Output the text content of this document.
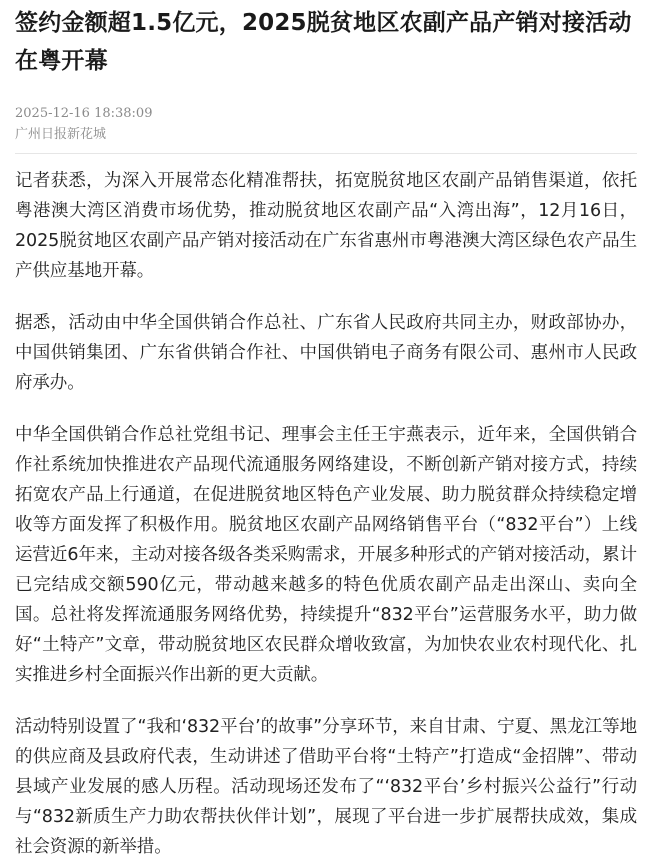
签约金额超1.5亿元，2025脱贫地区农副产品产销对接活动在粤开幕
2025-12-16 18:38:09
广州日报新花城

记者获悉，为深入开展常态化精准帮扶，拓宽脱贫地区农副产品销售渠道，依托粤港澳大湾区消费市场优势，推动脱贫地区农副产品“入湾出海”，12月16日，2025脱贫地区农副产品产销对接活动在广东省惠州市粤港澳大湾区绿色农产品生产供应基地开幕。

据悉，活动由中华全国供销合作总社、广东省人民政府共同主办，财政部协办，中国供销集团、广东省供销合作社、中国供销电子商务有限公司、惠州市人民政府承办。

中华全国供销合作总社党组书记、理事会主任王宇燕表示，近年来，全国供销合作社系统加快推进农产品现代流通服务网络建设，不断创新产销对接方式，持续拓宽农产品上行通道，在促进脱贫地区特色产业发展、助力脱贫群众持续稳定增收等方面发挥了积极作用。脱贫地区农副产品网络销售平台（“832平台”）上线运营近6年来，主动对接各级各类采购需求，开展多种形式的产销对接活动，累计已完结成交额590亿元，带动越来越多的特色优质农副产品走出深山、卖向全国。总社将发挥流通服务网络优势，持续提升“832平台”运营服务水平，助力做好“土特产”文章，带动脱贫地区农民群众增收致富，为加快农业农村现代化、扎实推进乡村全面振兴作出新的更大贡献。

活动特别设置了“我和‘832平台’的故事”分享环节，来自甘肃、宁夏、黑龙江等地的供应商及县政府代表，生动讲述了借助平台将“土特产”打造成“金招牌”、带动县域产业发展的感人历程。活动现场还发布了“‘832平台’乡村振兴公益行”行动与“832新质生产力助农帮扶伙伴计划”，展现了平台进一步扩展帮扶成效，集成社会资源的新举措。
